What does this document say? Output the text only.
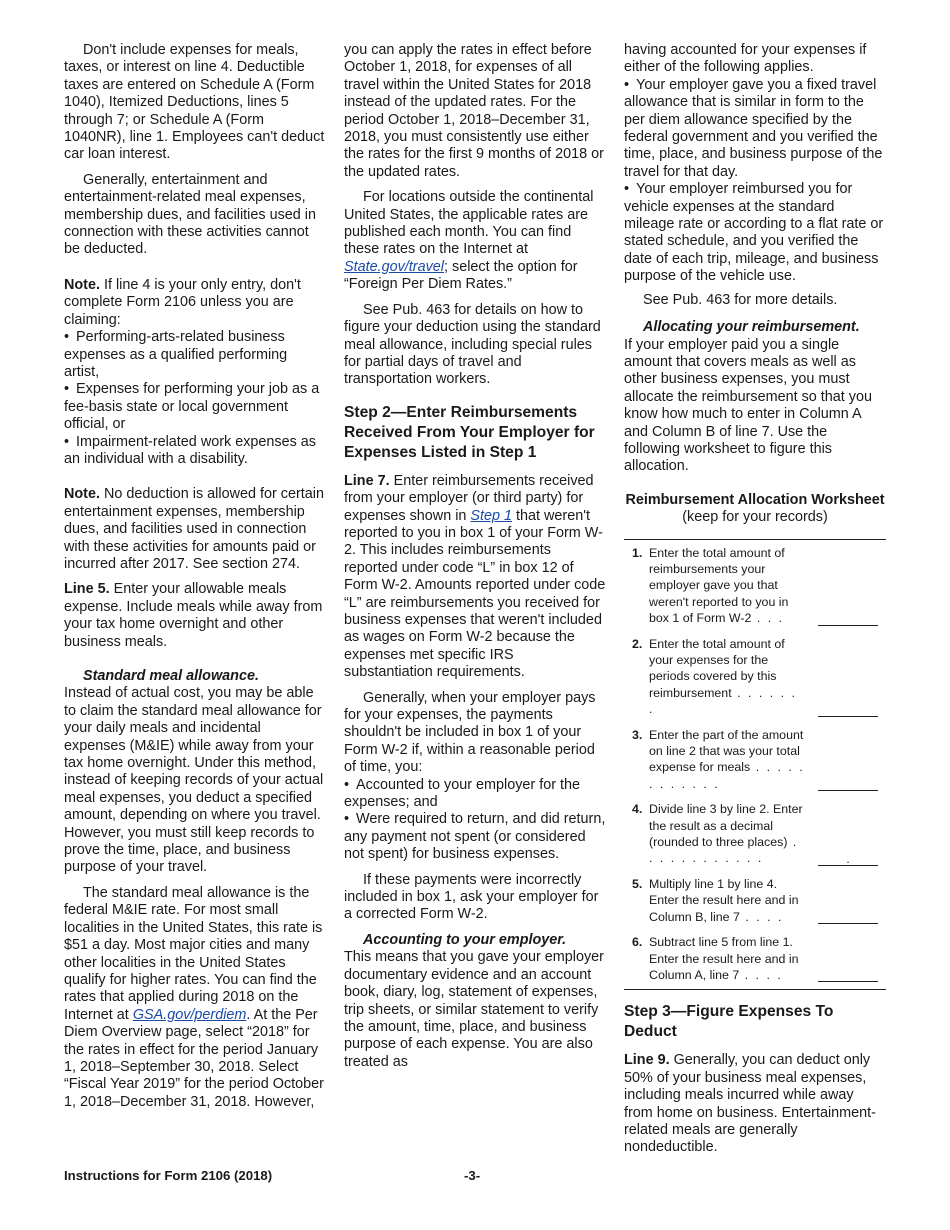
Don't include expenses for meals, taxes, or interest on line 4. Deductible taxes are entered on Schedule A (Form 1040), Itemized Deductions, lines 5 through 7; or Schedule A (Form 1040NR), line 1. Employees can't deduct car loan interest.

Generally, entertainment and entertainment-related meal expenses, membership dues, and facilities used in connection with these activities cannot be deducted.

Note. If line 4 is your only entry, don't complete Form 2106 unless you are claiming:

• Performing-arts-related business expenses as a qualified performing artist,
• Expenses for performing your job as a fee-basis state or local government official, or
• Impairment-related work expenses as an individual with a disability.

Note. No deduction is allowed for certain entertainment expenses, membership dues, and facilities used in connection with these activities for amounts paid or incurred after 2017. See section 274.

Line 5. Enter your allowable meals expense. Include meals while away from your tax home overnight and other business meals.

Standard meal allowance.

Instead of actual cost, you may be able to claim the standard meal allowance for your daily meals and incidental expenses (M&IE) while away from your tax home overnight. Under this method, instead of keeping records of your actual meal expenses, you deduct a specified amount, depending on where you travel. However, you must still keep records to prove the time, place, and business purpose of your travel.

The standard meal allowance is the federal M&IE rate. For most small localities in the United States, this rate is $51 a day. Most major cities and many other localities in the United States qualify for higher rates. You can find the rates that applied during 2018 on the Internet at GSA.gov/perdiem. At the Per Diem Overview page, select “2018” for the rates in effect for the period January 1, 2018–September 30, 2018. Select “Fiscal Year 2019” for the period October 1, 2018–December 31, 2018. However,

you can apply the rates in effect before October 1, 2018, for expenses of all travel within the United States for 2018 instead of the updated rates. For the period October 1, 2018–December 31, 2018, you must consistently use either the rates for the first 9 months of 2018 or the updated rates.

For locations outside the continental United States, the applicable rates are published each month. You can find these rates on the Internet at State.gov/travel; select the option for “Foreign Per Diem Rates.”

See Pub. 463 for details on how to figure your deduction using the standard meal allowance, including special rules for partial days of travel and transportation workers.

Step 2—Enter Reimbursements Received From Your Employer for Expenses Listed in Step 1

Line 7. Enter reimbursements received from your employer (or third party) for expenses shown in Step 1 that weren't reported to you in box 1 of your Form W-2. This includes reimbursements reported under code “L” in box 12 of Form W-2. Amounts reported under code “L” are reimbursements you received for business expenses that weren't included as wages on Form W-2 because the expenses met specific IRS substantiation requirements.

Generally, when your employer pays for your expenses, the payments shouldn't be included in box 1 of your Form W-2 if, within a reasonable period of time, you:

• Accounted to your employer for the expenses; and
• Were required to return, and did return, any payment not spent (or considered not spent) for business expenses.

If these payments were incorrectly included in box 1, ask your employer for a corrected Form W-2.

Accounting to your employer.

This means that you gave your employer documentary evidence and an account book, diary, log, statement of expenses, trip sheets, or similar statement to verify the amount, time, place, and business purpose of each expense. You are also treated as

having accounted for your expenses if either of the following applies.

• Your employer gave you a fixed travel allowance that is similar in form to the per diem allowance specified by the federal government and you verified the time, place, and business purpose of the travel for that day.
• Your employer reimbursed you for vehicle expenses at the standard mileage rate or according to a flat rate or stated schedule, and you verified the date of each trip, mileage, and business purpose of the vehicle use.

See Pub. 463 for more details.

Allocating your reimbursement.

If your employer paid you a single amount that covers meals as well as other business expenses, you must allocate the reimbursement so that you know how much to enter in Column A and Column B of line 7. Use the following worksheet to figure this allocation.

Reimbursement Allocation Worksheet
(keep for your records)
1. Enter the total amount of reimbursements your employer gave you that weren't reported to you in box 1 of Form W-2 . . .
2. Enter the total amount of your expenses for the periods covered by this reimbursement . . . . . . .
3. Enter the part of the amount on line 2 that was your total expense for meals . . . . . . . . . . . .
4. Divide line 3 by line 2. Enter the result as a decimal (rounded to three places) . . . . . . . . . . . .	.
5. Multiply line 1 by line 4. Enter the result here and in Column B, line 7 . . . .
6. Subtract line 5 from line 1. Enter the result here and in Column A, line 7 . . . .
Step 3—Figure Expenses To Deduct

Line 9. Generally, you can deduct only 50% of your business meal expenses, including meals incurred while away from home on business. Entertainment-related meals are generally nondeductible.

Instructions for Form 2106 (2018)	-3-
